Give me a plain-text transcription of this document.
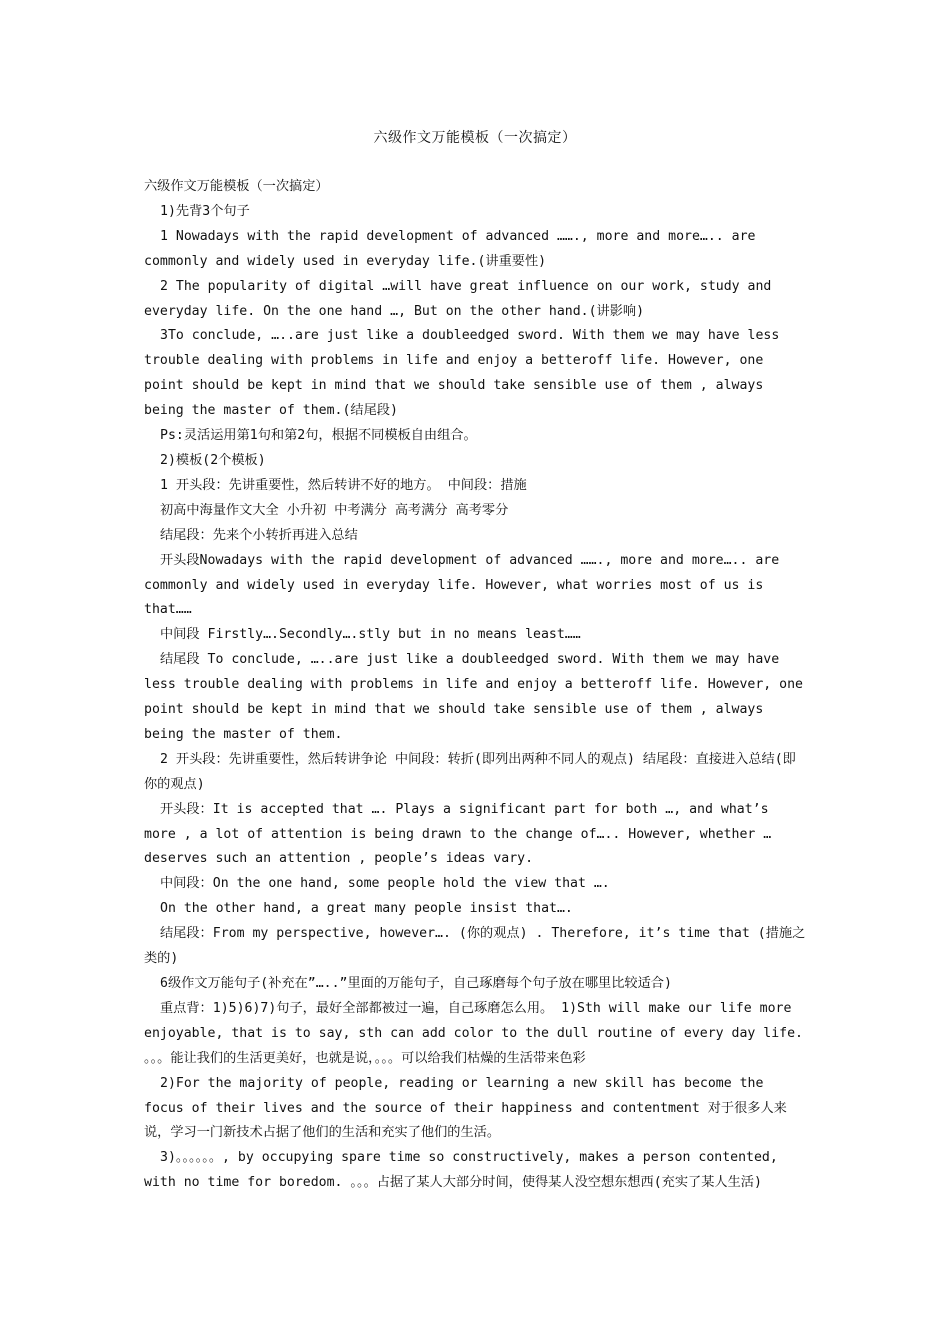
六级作文万能模板（一次搞定）

六级作文万能模板（一次搞定）

1)先背3个句子

1 Nowadays with the rapid development of advanced ……., more and more….. are commonly and widely used in everyday life.(讲重要性)

2 The popularity of digital …will have great influence on our work, study and everyday life. On the one hand …, But on the other hand.(讲影响)

3To conclude, …..are just like a doubleedged sword. With them we may have less trouble dealing with problems in life and enjoy a betteroff life. However, one point should be kept in mind that we should take sensible use of them , always being the master of them.(结尾段)

Ps:灵活运用第1句和第2句，根据不同模板自由组合。

2)模板(2个模板)

1 开头段：先讲重要性，然后转讲不好的地方。 中间段：措施

初高中海量作文大全 小升初 中考满分 高考满分 高考零分

结尾段：先来个小转折再进入总结

开头段Nowadays with the rapid development of advanced ……., more and more….. are commonly and widely used in everyday life. However, what worries most of us is that……

中间段 Firstly….Secondly….stly but in no means least……

结尾段 To conclude, …..are just like a doubleedged sword. With them we may have less trouble dealing with problems in life and enjoy a betteroff life. However, one point should be kept in mind that we should take sensible use of them , always being the master of them.

2 开头段：先讲重要性，然后转讲争论 中间段：转折(即列出两种不同人的观点) 结尾段：直接进入总结(即你的观点)

开头段：It is accepted that …. Plays a significant part for both …, and what’s more , a lot of attention is being drawn to the change of….. However, whether …deserves such an attention , people’s ideas vary.

中间段：On the one hand, some people hold the view that ….

On the other hand, a great many people insist that….

结尾段：From my perspective, however…. (你的观点) . Therefore, it’s time that (措施之类的)

6级作文万能句子(补充在”…..”里面的万能句子，自己琢磨每个句子放在哪里比较适合)

重点背：1)5)6)7)句子，最好全部都被过一遍，自己琢磨怎么用。 1)Sth will make our life more enjoyable, that is to say, sth can add color to the dull routine of every day life. 。。。能让我们的生活更美好，也就是说，。。。可以给我们枯燥的生活带来色彩

2)For the majority of people, reading or learning a new skill has become the focus of their lives and the source of their happiness and contentment 对于很多人来说，学习一门新技术占据了他们的生活和充实了他们的生活。

3)。。。。。。, by occupying spare time so constructively, makes a person contented, with no time for boredom. 。。。占据了某人大部分时间，使得某人没空想东想西(充实了某人生活)
